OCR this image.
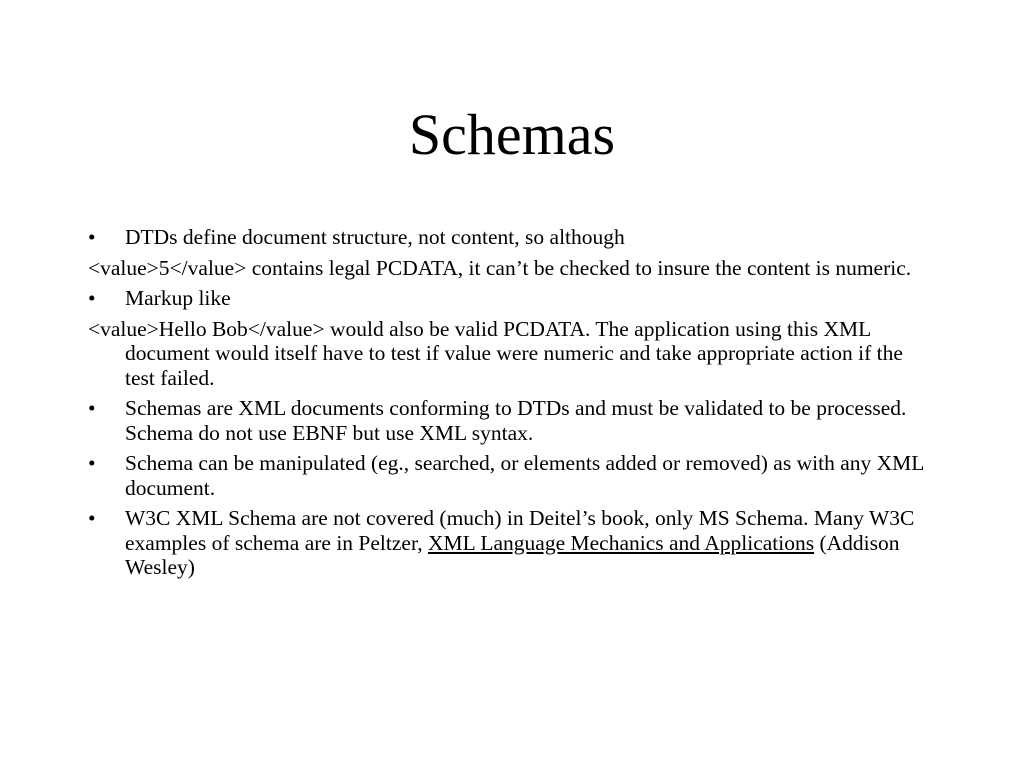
Schemas
• DTDs define document structure, not content, so although
<value>5</value> contains legal PCDATA, it can’t be checked to insure the content is numeric.
• Markup like
<value>Hello Bob</value> would also be valid PCDATA. The application using this XML document would itself have to test if value were numeric and take appropriate action if the test failed.
• Schemas are XML documents conforming to DTDs and must be validated to be processed. Schema do not use EBNF but use XML syntax.
• Schema can be manipulated (eg., searched, or elements added or removed) as with any XML document.
• W3C XML Schema are not covered (much) in Deitel’s book, only MS Schema. Many W3C examples of schema are in Peltzer, XML Language Mechanics and Applications (Addison Wesley)
